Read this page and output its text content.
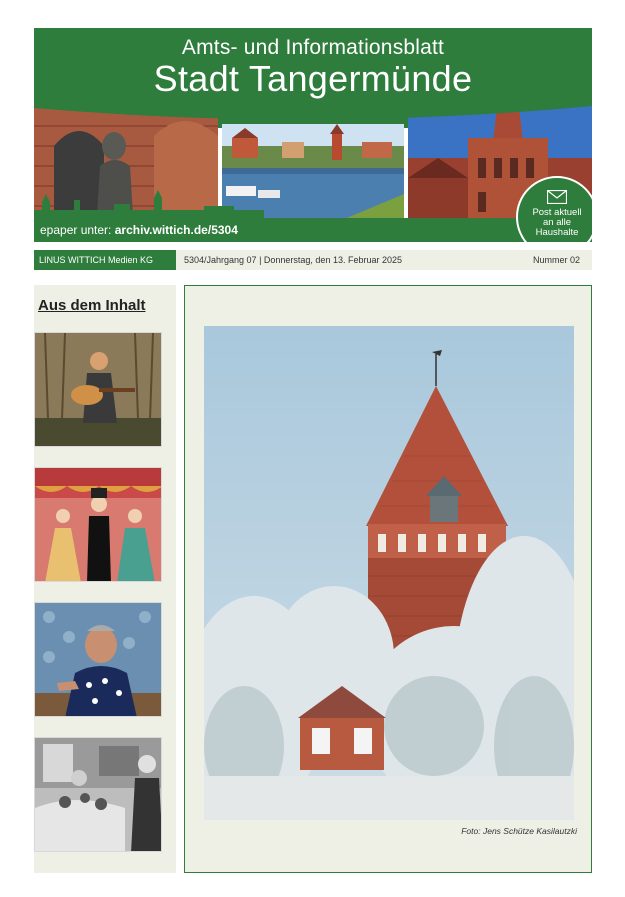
Amts- und Informationsblatt
Stadt Tangermünde
epaper unter: archiv.wittich.de/5304
Post aktuell
an alle
Haushalte
LINUS WITTICH Medien KG	5304/Jahrgang 07 | Donnerstag, den 13. Februar 2025	Nummer 02
Aus dem Inhalt
Foto: Jens Schütze Kasilautzki
